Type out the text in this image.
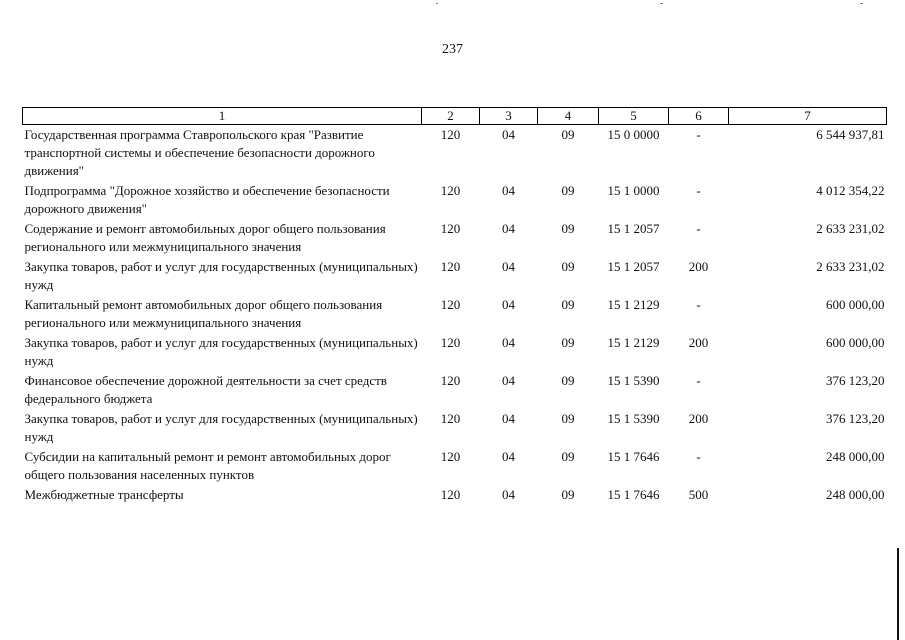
237
1	2	3	4	5	6	7
Государственная программа Ставропольского края "Развитие транспортной системы и обеспечение безопасности дорожного движения"	120	04	09	15 0 0000	-	6 544 937,81
Подпрограмма "Дорожное хозяйство и обеспечение безопасности дорожного движения"	120	04	09	15 1 0000	-	4 012 354,22
Содержание и ремонт автомобильных дорог общего пользования регионального или межмуниципального значения	120	04	09	15 1 2057	-	2 633 231,02
Закупка товаров, работ и услуг для государственных (муниципальных) нужд	120	04	09	15 1 2057	200	2 633 231,02
Капитальный ремонт автомобильных дорог общего пользования регионального или межмуниципального значения	120	04	09	15 1 2129	-	600 000,00
Закупка товаров, работ и услуг для государственных (муниципальных) нужд	120	04	09	15 1 2129	200	600 000,00
Финансовое обеспечение дорожной деятельности за счет средств федерального бюджета	120	04	09	15 1 5390	-	376 123,20
Закупка товаров, работ и услуг для государственных (муниципальных) нужд	120	04	09	15 1 5390	200	376 123,20
Субсидии на капитальный ремонт и ремонт автомобильных дорог общего пользования населенных пунктов	120	04	09	15 1 7646	-	248 000,00
Межбюджетные трансферты	120	04	09	15 1 7646	500	248 000,00
